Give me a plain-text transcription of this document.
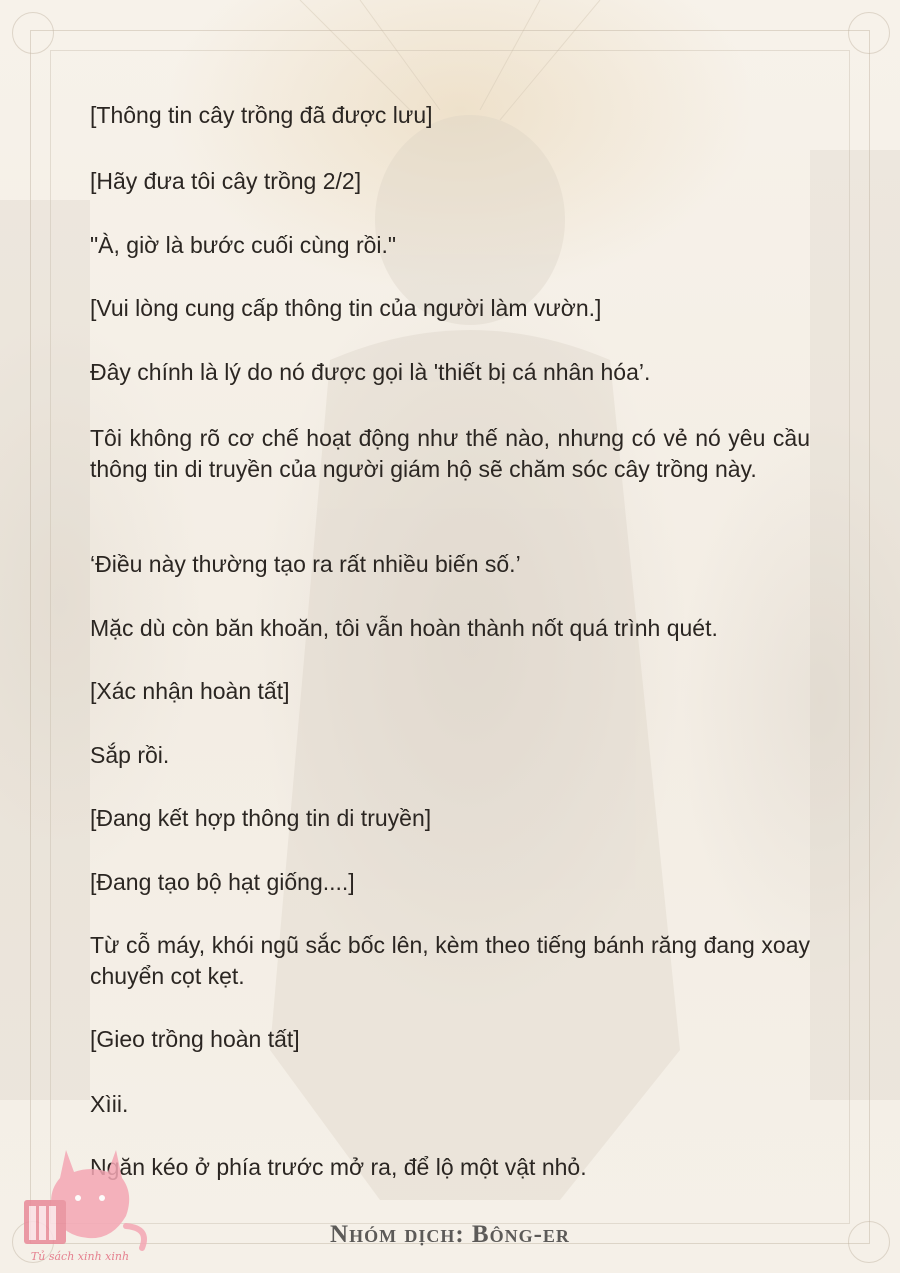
[Thông tin cây trồng đã được lưu]

[Hãy đưa tôi cây trồng 2/2]

"À, giờ là bước cuối cùng rồi."

[Vui lòng cung cấp thông tin của người làm vườn.]

Đây chính là lý do nó được gọi là 'thiết bị cá nhân hóa’.

Tôi không rõ cơ chế hoạt động như thế nào, nhưng có vẻ nó yêu cầu thông tin di truyền của người giám hộ sẽ chăm sóc cây trồng này.

‘Điều này thường tạo ra rất nhiều biến số.’

Mặc dù còn băn khoăn, tôi vẫn hoàn thành nốt quá trình quét.

[Xác nhận hoàn tất]

Sắp rồi.

[Đang kết hợp thông tin di truyền]

[Đang tạo bộ hạt giống....]

Từ cỗ máy, khói ngũ sắc bốc lên, kèm theo tiếng bánh răng đang xoay chuyển cọt kẹt.

[Gieo trồng hoàn tất]

Xìii.

Ngăn kéo ở phía trước mở ra, để lộ một vật nhỏ.

Tủ sách xinh xinh
Nhóm dịch: Bông-er
